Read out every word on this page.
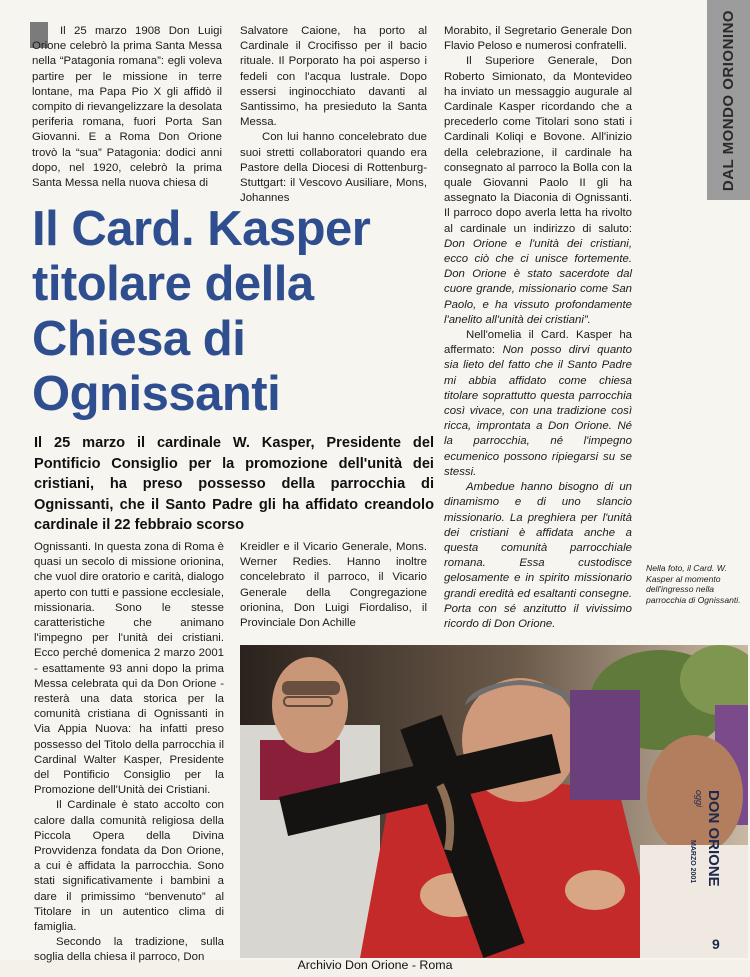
DAL MONDO ORIONINO

Il 25 marzo 1908 Don Luigi Orione celebrò la prima Santa Messa nella “Patagonia romana”: egli voleva partire per le missione in terre lontane, ma Papa Pio X gli affidò il compito di rievangelizzare la desolata periferia romana, fuori Porta San Giovanni. E a Roma Don Orione trovò la “sua” Patagonia: dodici anni dopo, nel 1920, celebrò la prima Santa Messa nella nuova chiesa di

Salvatore Caione, ha porto al Cardinale il Crocifisso per il bacio rituale. Il Porporato ha poi asperso i fedeli con l'acqua lustrale. Dopo essersi inginocchiato davanti al Santissimo, ha presieduto la Santa Messa.

Con lui hanno concelebrato due suoi stretti collaboratori quando era Pastore della Diocesi di Rottenburg-Stuttgart: il Vescovo Ausiliare, Mons, Johannes

Morabito, il Segretario Generale Don Flavio Peloso e numerosi confratelli.

Il Superiore Generale, Don Roberto Simionato, da Montevideo ha inviato un messaggio augurale al Cardinale Kasper ricordando che a precederlo come Titolari sono stati i Cardinali Koliqi e Bovone. All'inizio della celebrazione, il cardinale ha consegnato al parroco la Bolla con la quale Giovanni Paolo II gli ha assegnato la Diaconia di Ognissanti. Il parroco dopo averla letta ha rivolto al cardinale un indirizzo di saluto: Don Orione e l'unità dei cristiani, ecco ciò che ci unisce fortemente. Don Orione è stato sacerdote dal cuore grande, missionario come San Paolo, e ha vissuto profondamente l'anelito all'unità dei cristiani”.

Nell'omelia il Card. Kasper ha affermato: Non posso dirvi quanto sia lieto del fatto che il Santo Padre mi abbia affidato come chiesa titolare soprattutto questa parrocchia così vivace, con una tradizione così ricca, improntata a Don Orione. Né la parrocchia, né l'impegno ecumenico possono ripiegarsi su se stessi.

Ambedue hanno bisogno di un dinamismo e di uno slancio missionario. La preghiera per l'unità dei cristiani è affidata anche a questa comunità parrocchiale romana. Essa custodisce gelosamente e in spirito missionario grandi eredità ed esaltanti consegne. Porta con sé anzitutto il vivissimo ricordo di Don Orione.

Il Card. Kasper
titolare della
Chiesa di
Ognissanti
Il 25 marzo il cardinale W. Kasper, Presidente del Pontificio Consiglio per la promozione dell'unità dei cristiani, ha preso possesso della parrocchia di Ognissanti, che il Santo Padre gli ha affidato creandolo cardinale il 22 febbraio scorso

Ognissanti. In questa zona di Roma è quasi un secolo di missione orionina, che vuol dire oratorio e carità, dialogo aperto con tutti e passione ecclesiale, missionaria. Sono le stesse caratteristiche che animano l'impegno per l'unità dei cristiani. Ecco perché domenica 2 marzo 2001 - esattamente 93 anni dopo la prima Messa celebrata qui da Don Orione - resterà una data storica per la comunità cristiana di Ognissanti in Via Appia Nuova: ha infatti preso possesso del Titolo della parrocchia il Cardinal Walter Kasper, Presidente del Pontificio Consiglio per la Promozione dell'Unità dei Cristiani.

Il Cardinale è stato accolto con calore dalla comunità religiosa della Piccola Opera della Divina Provvidenza fondata da Don Orione, a cui è affidata la parrocchia. Sono stati significativamente i bambini a dare il primissimo “benvenuto” al Titolare in un autentico clima di famiglia.

Secondo la tradizione, sulla soglia della chiesa il parroco, Don

Kreidler e il Vicario Generale, Mons. Werner Redies. Hanno inoltre concelebrato il parroco, il Vicario Generale della Congregazione orionina, Don Luigi Fiordaliso, il Provinciale Don Achille

Nella foto, il Card. W. Kasper al momento dell'ingresso nella parrocchia di Ognissanti.
DON ORIONE
oggi
MARZO 2001
9
Archivio Don Orione - Roma
